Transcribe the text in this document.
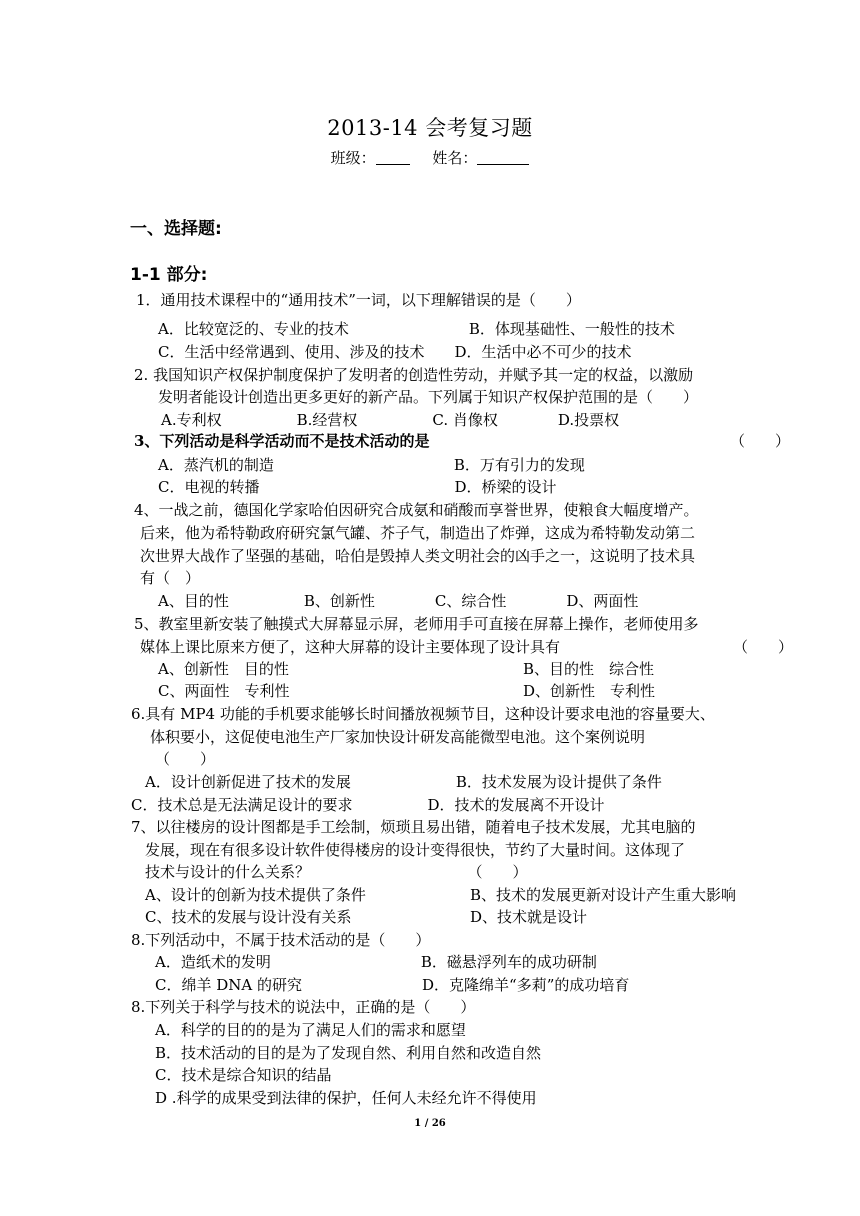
2013-14 会考复习题
班级：	姓名：
一、选择题:
1-1 部分:
1．通用技术课程中的“通用技术”一词，以下理解错误的是（　　）
A．比较宽泛的、专业的技术　　　　　　　　B．体现基础性、一般性的技术
C．生活中经常遇到、使用、涉及的技术　　D．生活中必不可少的技术
2. 我国知识产权保护制度保护了发明者的创造性劳动，并赋予其一定的权益，以激励
发明者能设计创造出更多更好的新产品。下列属于知识产权保护范围的是（　　）
A.专利权　　　　　B.经营权　　　　　C. 肖像权　　　　D.投票权
3、下列活动是科学活动而不是技术活动的是	（　　）
A．蒸汽机的制造　　　　　　　　　　　　B．万有引力的发现
C．电视的转播　　　　　　　　　　　　　D．桥梁的设计
4、一战之前，德国化学家哈伯因研究合成氨和硝酸而享誉世界，使粮食大幅度增产。
后来，他为希特勒政府研究氯气罐、芥子气，制造出了炸弹，这成为希特勒发动第二
次世界大战作了坚强的基础，哈伯是毁掉人类文明社会的凶手之一，这说明了技术具
有（　）
A、目的性　　　　　B、创新性　　　　C、综合性　　　　D、两面性
5、教室里新安装了触摸式大屏幕显示屏，老师用手可直接在屏幕上操作，老师使用多
媒体上课比原来方便了，这种大屏幕的设计主要体现了设计具有	（　　）
A、创新性　目的性	B、目的性　综合性
C、两面性　专利性	D、创新性　专利性
6.具有 MP4 功能的手机要求能够长时间播放视频节目，这种设计要求电池的容量要大、
体积要小，这促使电池生产厂家加快设计研发高能微型电池。这个案例说明
（　　）
A．设计创新促进了技术的发展　　　　　　　B．技术发展为设计提供了条件
C．技术总是无法满足设计的要求　　　　　D．技术的发展离不开设计
7、以往楼房的设计图都是手工绘制，烦琐且易出错，随着电子技术发展，尤其电脑的
发展，现在有很多设计软件使得楼房的设计变得很快，节约了大量时间。这体现了
技术与设计的什么关系？　　　　　　　　　　　（　　）
A、设计的创新为技术提供了条件	B、技术的发展更新对设计产生重大影响
C、技术的发展与设计没有关系	D、技术就是设计
8.下列活动中，不属于技术活动的是（　　）
A．造纸术的发明　　　　　　　　　　B．磁悬浮列车的成功研制
C．绵羊 DNA 的研究　　　　　　　　D．克隆绵羊“多莉”的成功培育
8.下列关于科学与技术的说法中，正确的是（　　）
A．科学的目的的是为了满足人们的需求和愿望
B．技术活动的目的是为了发现自然、利用自然和改造自然
C．技术是综合知识的结晶
D .科学的成果受到法律的保护，任何人未经允许不得使用
1 / 26
